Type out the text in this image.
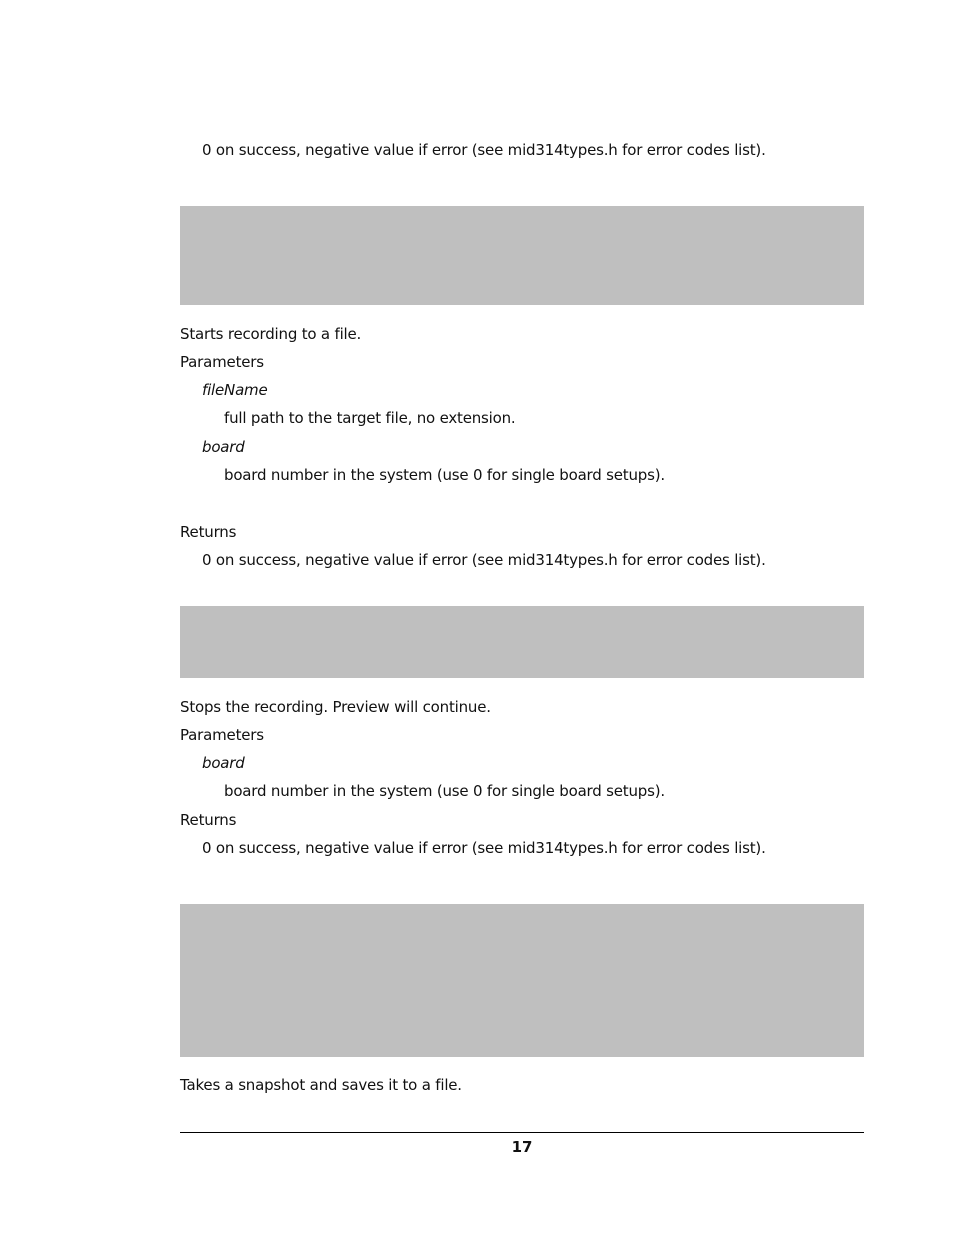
0 on success, negative value if error (see mid314types.h for error codes list).
Starts recording to a file.
Parameters
fileName
full path to the target file, no extension.
board
board number in the system (use 0 for single board setups).
Returns
0 on success, negative value if error (see mid314types.h for error codes list).
Stops the recording. Preview will continue.
Parameters
board
board number in the system (use 0 for single board setups).
Returns
0 on success, negative value if error (see mid314types.h for error codes list).
Takes a snapshot and saves it to a file.
17
